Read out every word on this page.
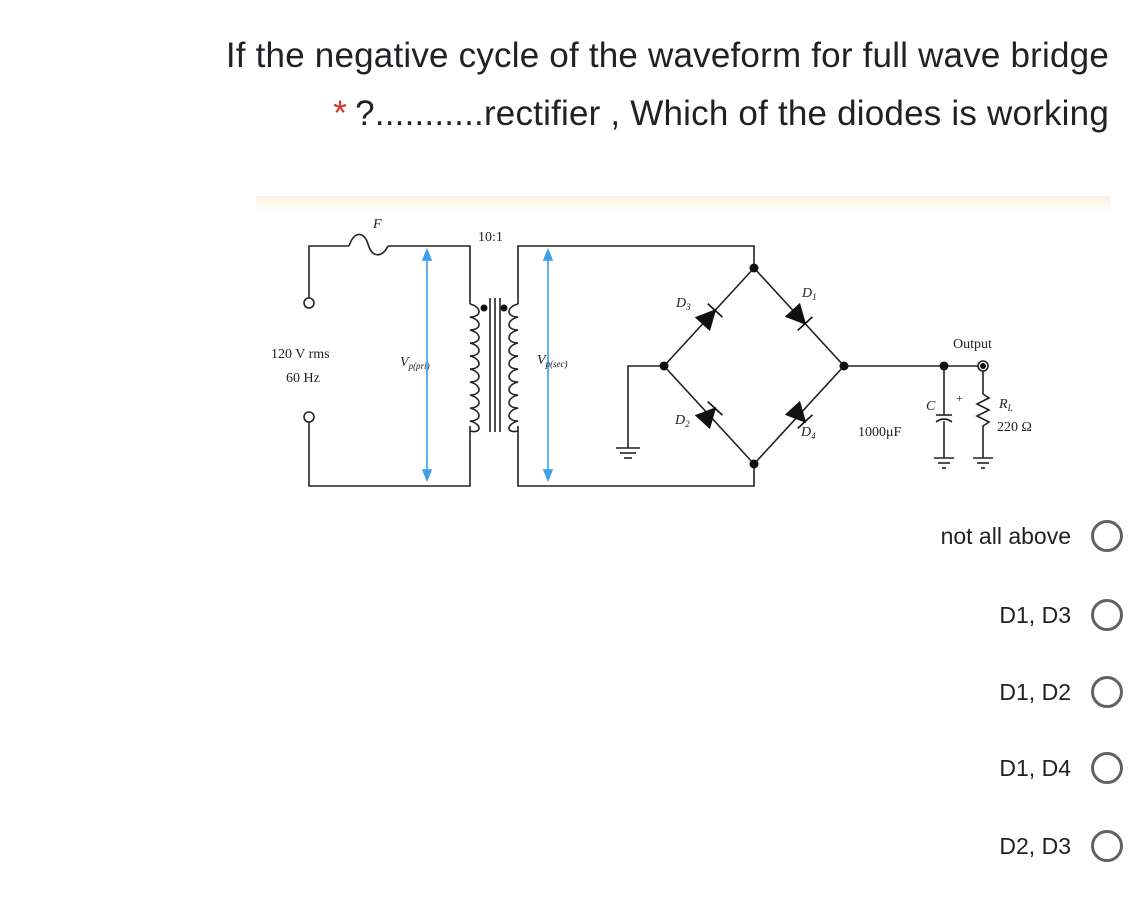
If the negative cycle of the waveform for full wave bridge
* ?...........rectifier , Which of the diodes is working
F
10:1
120 V rms
60 Hz
$V_{p(pri)}$	$V_{p(sec)}$
$D_3$
$D_1$
$D_2$
$D_4$
Output
C
1000μF
+	$R_L$
220 Ω
not all above
D1, D3
D1, D2
D1, D4
D2, D3
